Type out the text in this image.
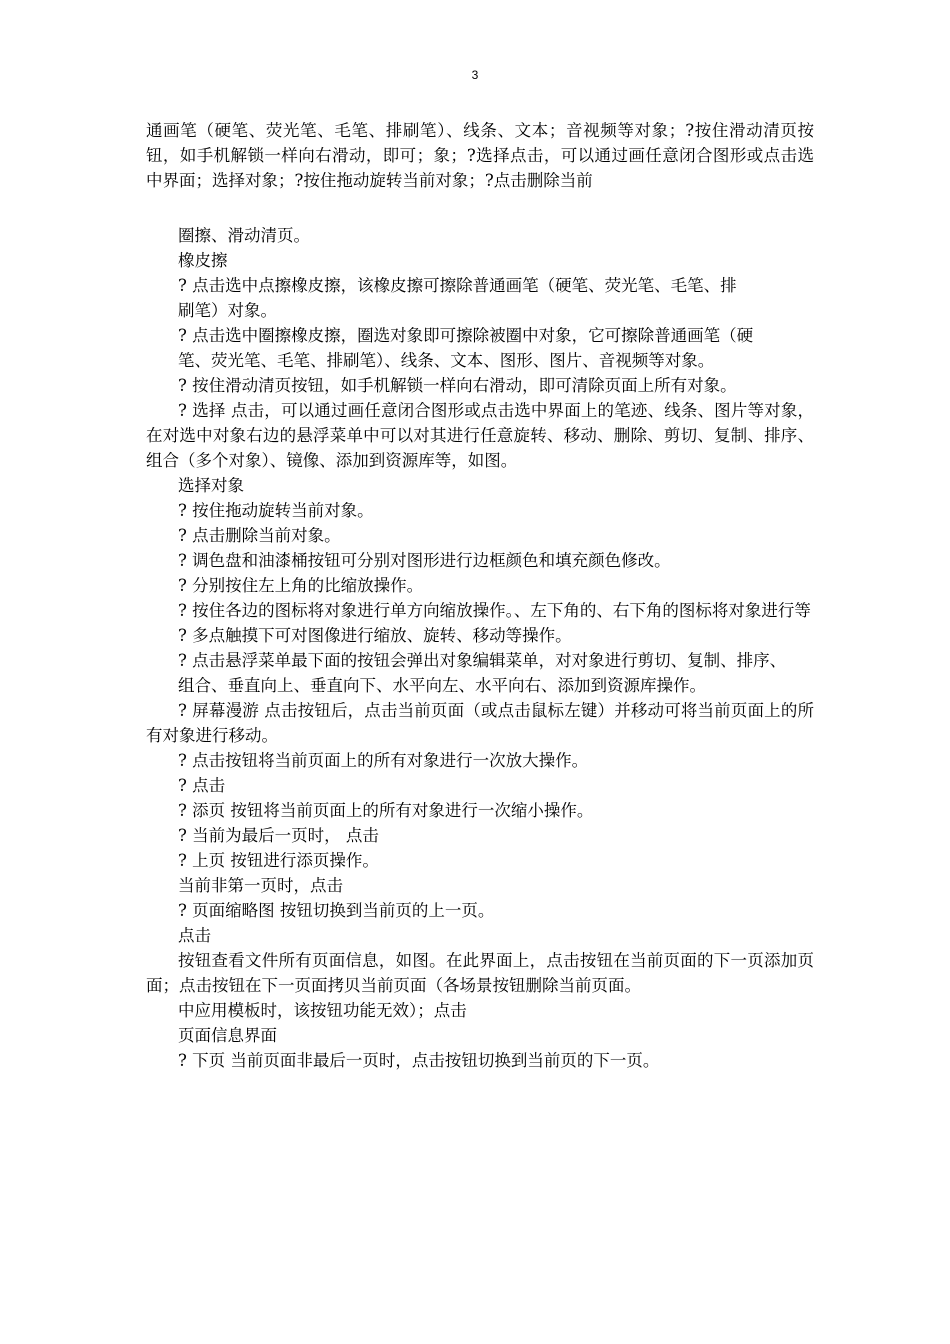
3

通画笔（硬笔、荧光笔、毛笔、排刷笔）、线条、文本；音视频等对象；?按住滑动清页按钮，如手机解锁一样向右滑动，即可；象；?选择点击，可以通过画任意闭合图形或点击选中界面；选择对象；?按住拖动旋转当前对象；?点击删除当前

圈擦、滑动清页。

橡皮擦

? 点击选中点擦橡皮擦，该橡皮擦可擦除普通画笔（硬笔、荧光笔、毛笔、排刷笔）对象。

? 点击选中圈擦橡皮擦，圈选对象即可擦除被圈中对象，它可擦除普通画笔（硬笔、荧光笔、毛笔、排刷笔）、线条、文本、图形、图片、音视频等对象。

? 按住滑动清页按钮，如手机解锁一样向右滑动，即可清除页面上所有对象。

? 选择 点击，可以通过画任意闭合图形或点击选中界面上的笔迹、线条、图片等对象，在对选中对象右边的悬浮菜单中可以对其进行任意旋转、移动、删除、剪切、复制、排序、组合（多个对象）、镜像、添加到资源库等，如图。

选择对象

? 按住拖动旋转当前对象。

? 点击删除当前对象。

? 调色盘和油漆桶按钮可分别对图形进行边框颜色和填充颜色修改。

? 分别按住左上角的比缩放操作。

? 按住各边的图标将对象进行单方向缩放操作。、左下角的、右下角的图标将对象进行等

? 多点触摸下可对图像进行缩放、旋转、移动等操作。

? 点击悬浮菜单最下面的按钮会弹出对象编辑菜单，对对象进行剪切、复制、排序、组合、垂直向上、垂直向下、水平向左、水平向右、添加到资源库操作。

? 屏幕漫游 点击按钮后，点击当前页面（或点击鼠标左键）并移动可将当前页面上的所有对象进行移动。

? 点击按钮将当前页面上的所有对象进行一次放大操作。

? 点击

? 添页 按钮将当前页面上的所有对象进行一次缩小操作。

? 当前为最后一页时， 点击

? 上页 按钮进行添页操作。

当前非第一页时，点击

? 页面缩略图 按钮切换到当前页的上一页。

点击

按钮查看文件所有页面信息，如图。在此界面上，点击按钮在当前页面的下一页添加页面；点击按钮在下一页面拷贝当前页面（各场景按钮删除当前页面。

中应用模板时，该按钮功能无效）；点击

页面信息界面

? 下页 当前页面非最后一页时，点击按钮切换到当前页的下一页。
